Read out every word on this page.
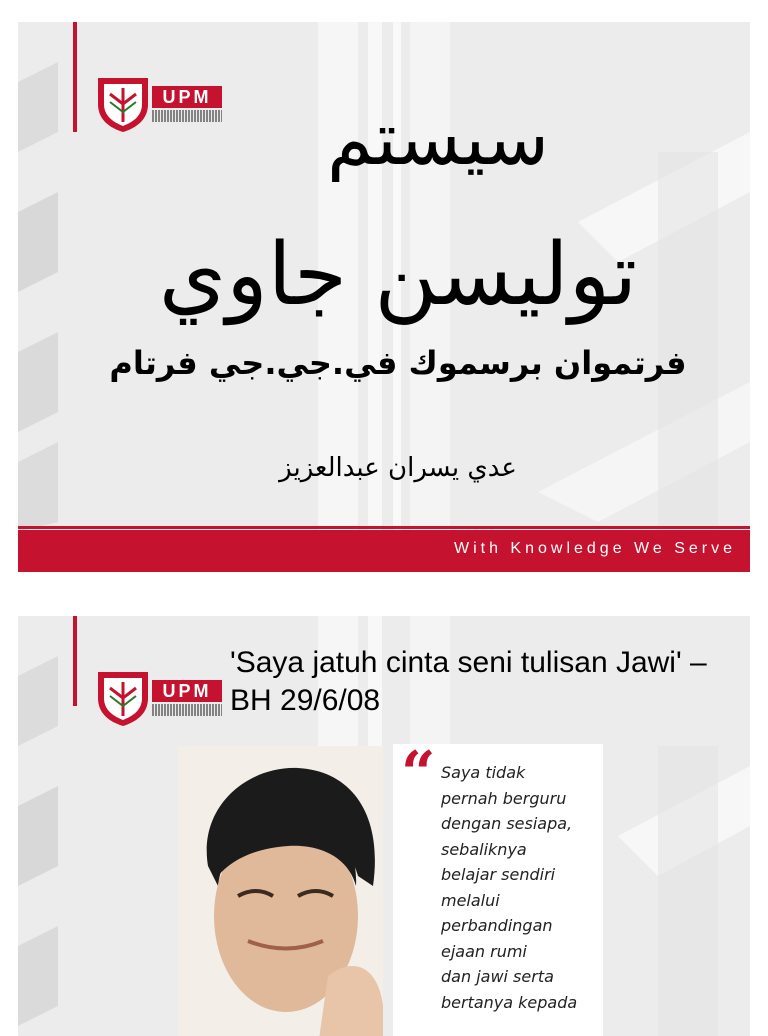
UPM	سيستم
توليسن جاوي
فرتموان برسموك في.جي.جي فرتام
عدي يسران عبدالعزيز
With Knowledge We Serve
UPM
'Saya jatuh cinta seni tulisan Jawi' – BH 29/6/08
“ Saya tidak
pernah berguru
dengan sesiapa,
sebaliknya
belajar sendiri
melalui
perbandingan
ejaan rumi
dan jawi serta
bertanya kepada
